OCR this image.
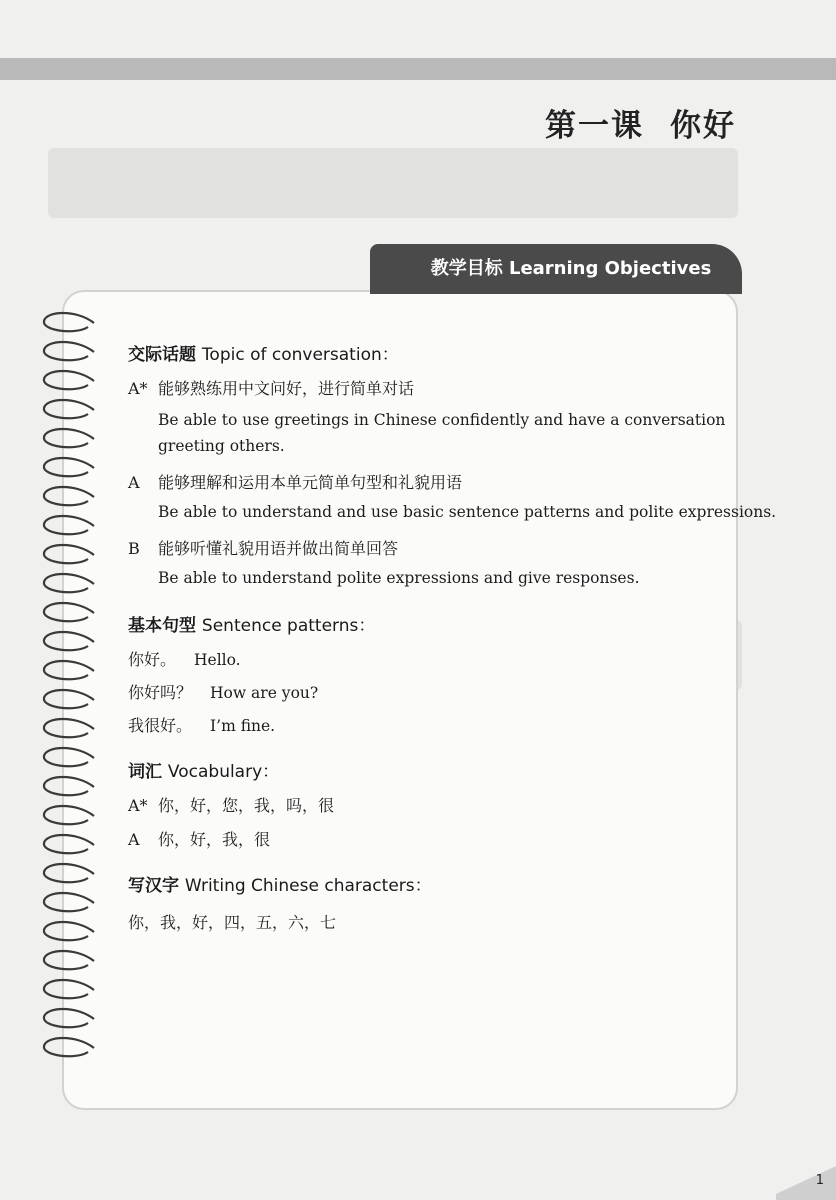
第一课 你好
教学目标 Learning Objectives
交际话题 Topic of conversation：
A* 能够熟练用中文问好，进行简单对话
Be able to use greetings in Chinese confidently and have a conversation
greeting others.
A 能够理解和运用本单元简单句型和礼貌用语
Be able to understand and use basic sentence patterns and polite expressions.
B 能够听懂礼貌用语并做出简单回答
Be able to understand polite expressions and give responses.
基本句型 Sentence patterns：
你好。 Hello.
你好吗？ How are you?
我很好。 I’m fine.
词汇 Vocabulary：
A* 你，好，您，我，吗，很
A 你，好，我，很
写汉字 Writing Chinese characters：
你，我，好，四，五，六，七
1
